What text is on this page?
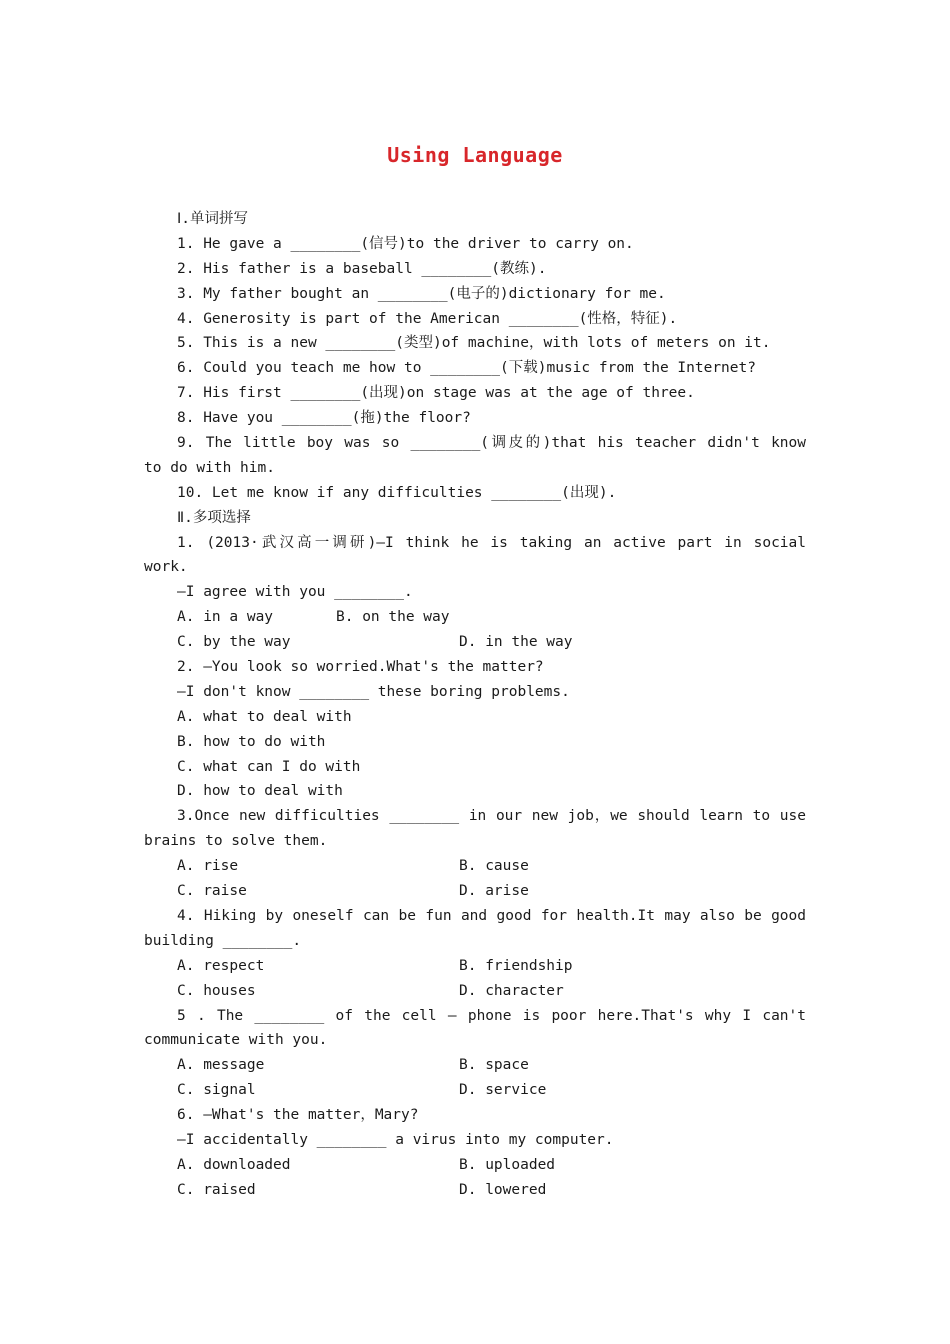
Using Language
Ⅰ.单词拼写
1. He gave a ________(信号)to the driver to carry on.
2. His father is a baseball ________(教练).
3. My father bought an ________(电子的)dictionary for me.
4. Generosity is part of the American ________(性格，特征).
5. This is a new ________(类型)of machine，with lots of meters on it.
6. Could you teach me how to ________(下载)music from the Internet?
7. His first ________(出现)on stage was at the age of three.
8. Have you ________(拖)the floor?
9. The little boy was so ________(调皮的)that his teacher didn't know
to do with him.
10. Let me know if any difficulties ________(出现).
Ⅱ.多项选择
1. (2013·武汉高一调研)—I think he is taking an active part in social
work.
—I agree with you ________.
A. in a way	B. on the way
C. by the way	D. in the way
2. —You look so worried.What's the matter?
—I don't know ________ these boring problems.
A. what to deal with
B. how to do with
C. what can I do with
D. how to deal with
3.Once new difficulties ________ in our new job，we should learn to use
brains to solve them.
A. rise	B. cause
C. raise	D. arise
4. Hiking by oneself can be fun and good for health.It may also be good
building ________.
A. respect	B. friendship
C. houses	D. character
5 . The ________ of the cell — phone is poor here.That's why I can't
communicate with you.
A. message	B. space
C. signal	D. service
6. —What's the matter，Mary?
—I accidentally ________ a virus into my computer.
A. downloaded	B. uploaded
C. raised	D. lowered
